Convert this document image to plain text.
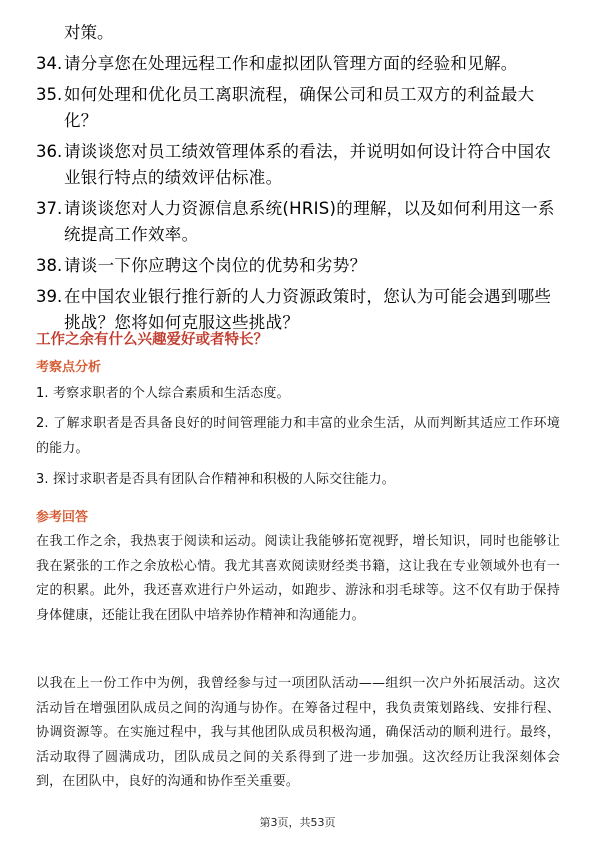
对策。
34. 请分享您在处理远程工作和虚拟团队管理方面的经验和见解。
35. 如何处理和优化员工离职流程，确保公司和员工双方的利益最大化？
36. 请谈谈您对员工绩效管理体系的看法，并说明如何设计符合中国农业银行特点的绩效评估标准。
37. 请谈谈您对人力资源信息系统(HRIS)的理解，以及如何利用这一系统提高工作效率。
38. 请谈一下你应聘这个岗位的优势和劣势？
39. 在中国农业银行推行新的人力资源政策时，您认为可能会遇到哪些挑战？您将如何克服这些挑战？
工作之余有什么兴趣爱好或者特长？
考察点分析
1. 考察求职者的个人综合素质和生活态度。
2. 了解求职者是否具备良好的时间管理能力和丰富的业余生活，从而判断其适应工作环境的能力。
3. 探讨求职者是否具有团队合作精神和积极的人际交往能力。
参考回答
在我工作之余，我热衷于阅读和运动。阅读让我能够拓宽视野，增长知识，同时也能够让我在紧张的工作之余放松心情。我尤其喜欢阅读财经类书籍，这让我在专业领域外也有一定的积累。此外，我还喜欢进行户外运动，如跑步、游泳和羽毛球等。这不仅有助于保持身体健康，还能让我在团队中培养协作精神和沟通能力。
以我在上一份工作中为例，我曾经参与过一项团队活动——组织一次户外拓展活动。这次活动旨在增强团队成员之间的沟通与协作。在筹备过程中，我负责策划路线、安排行程、协调资源等。在实施过程中，我与其他团队成员积极沟通，确保活动的顺利进行。最终，活动取得了圆满成功，团队成员之间的关系得到了进一步加强。这次经历让我深刻体会到，在团队中，良好的沟通和协作至关重要。
第3页，共53页
